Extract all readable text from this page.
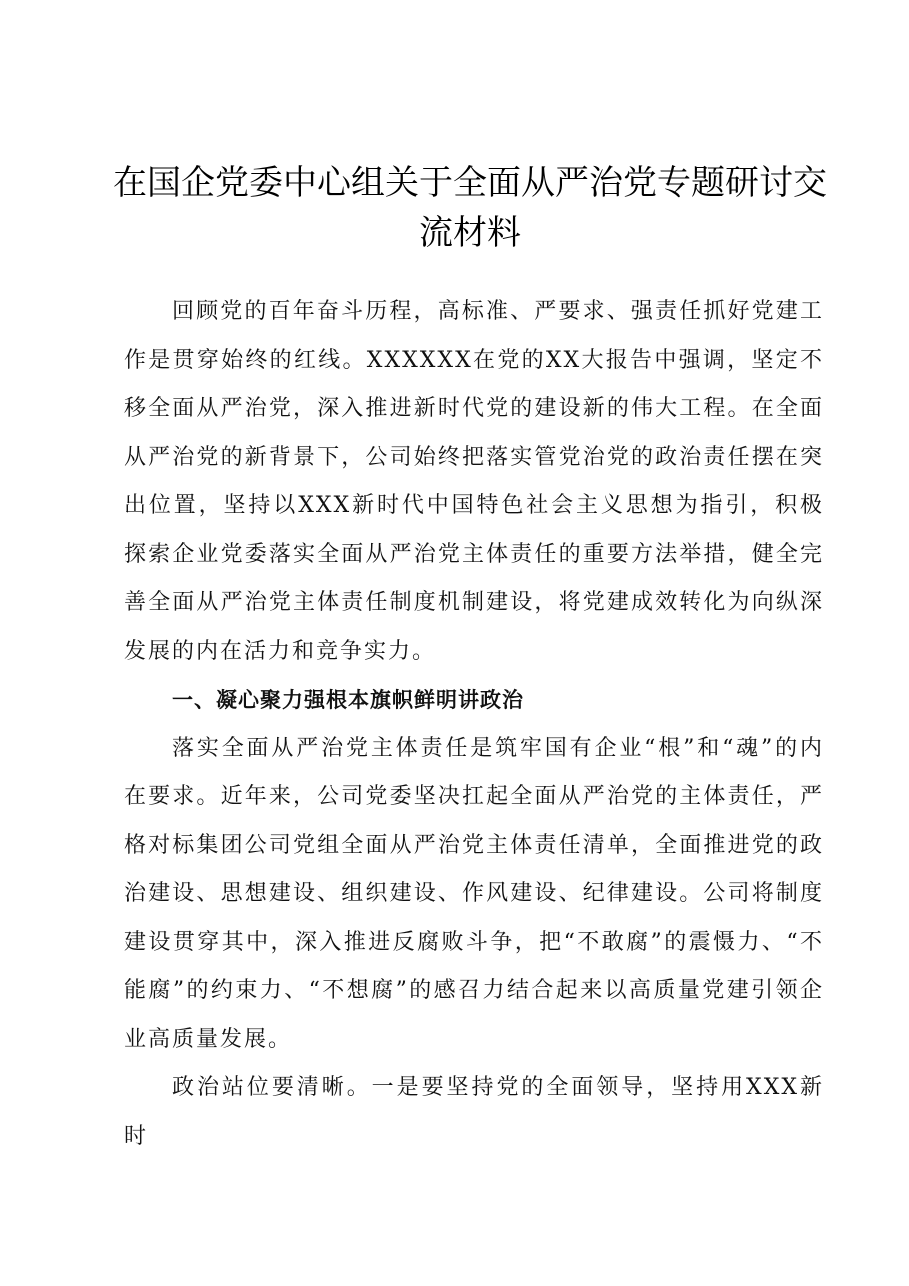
在国企党委中心组关于全面从严治党专题研讨交流材料

回顾党的百年奋斗历程，高标准、严要求、强责任抓好党建工作是贯穿始终的红线。XXXXXX在党的XX大报告中强调，坚定不移全面从严治党，深入推进新时代党的建设新的伟大工程。在全面从严治党的新背景下，公司始终把落实管党治党的政治责任摆在突出位置，坚持以XXX新时代中国特色社会主义思想为指引，积极探索企业党委落实全面从严治党主体责任的重要方法举措，健全完善全面从严治党主体责任制度机制建设，将党建成效转化为向纵深发展的内在活力和竞争实力。

一、凝心聚力强根本旗帜鲜明讲政治

落实全面从严治党主体责任是筑牢国有企业“根”和“魂”的内在要求。近年来，公司党委坚决扛起全面从严治党的主体责任，严格对标集团公司党组全面从严治党主体责任清单，全面推进党的政治建设、思想建设、组织建设、作风建设、纪律建设。公司将制度建设贯穿其中，深入推进反腐败斗争，把“不敢腐”的震慑力、“不能腐”的约束力、“不想腐”的感召力结合起来以高质量党建引领企业高质量发展。

政治站位要清晰。一是要坚持党的全面领导，坚持用XXX新时
